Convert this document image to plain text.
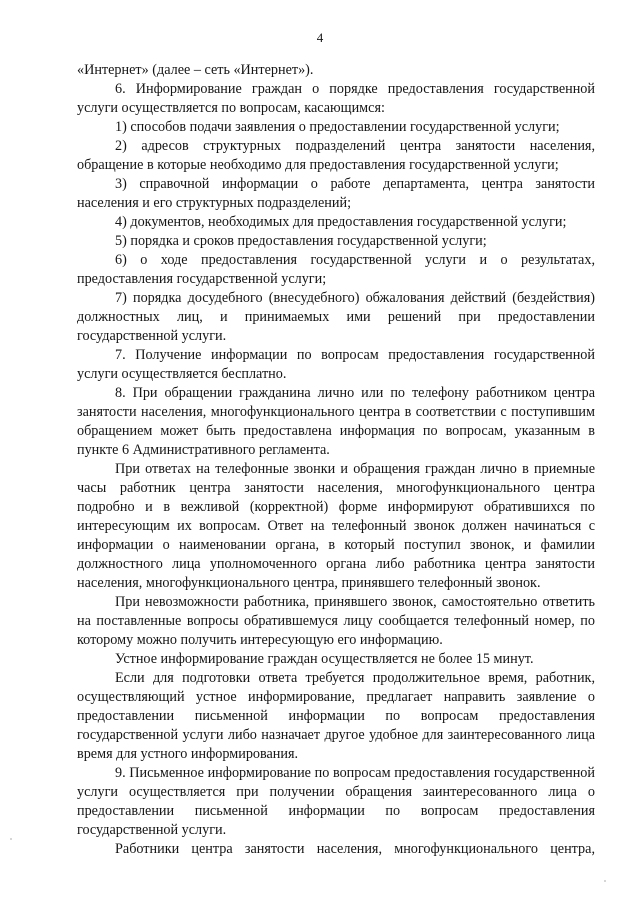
4

«Интернет» (далее – сеть «Интернет»).

6. Информирование граждан о порядке предоставления государственной услуги осуществляется по вопросам, касающимся:

1) способов подачи заявления о предоставлении государственной услуги;

2) адресов структурных подразделений центра занятости населения, обращение в которые необходимо для предоставления государственной услуги;

3) справочной информации о работе департамента, центра занятости населения и его структурных подразделений;

4) документов, необходимых для предоставления государственной услуги;

5) порядка и сроков предоставления государственной услуги;

6) о ходе предоставления государственной услуги и о результатах, предоставления государственной услуги;

7) порядка досудебного (внесудебного) обжалования действий (бездействия) должностных лиц, и принимаемых ими решений при предоставлении государственной услуги.

7. Получение информации по вопросам предоставления государственной услуги осуществляется бесплатно.

8. При обращении гражданина лично или по телефону работником центра занятости населения, многофункционального центра в соответствии с поступившим обращением может быть предоставлена информация по вопросам, указанным в пункте 6 Административного регламента.

При ответах на телефонные звонки и обращения граждан лично в приемные часы работник центра занятости населения, многофункционального центра подробно и в вежливой (корректной) форме информируют обратившихся по интересующим их вопросам. Ответ на телефонный звонок должен начинаться с информации о наименовании органа, в который поступил звонок, и фамилии должностного лица уполномоченного органа либо работника центра занятости населения, многофункционального центра, принявшего телефонный звонок.

При невозможности работника, принявшего звонок, самостоятельно ответить на поставленные вопросы обратившемуся лицу сообщается телефонный номер, по которому можно получить интересующую его информацию.

Устное информирование граждан осуществляется не более 15 минут.

Если для подготовки ответа требуется продолжительное время, работник, осуществляющий устное информирование, предлагает направить заявление о предоставлении письменной информации по вопросам предоставления государственной услуги либо назначает другое удобное для заинтересованного лица время для устного информирования.

9. Письменное информирование по вопросам предоставления государственной услуги осуществляется при получении обращения заинтересованного лица о предоставлении письменной информации по вопросам предоставления государственной услуги.

Работники центра занятости населения, многофункционального центра,
